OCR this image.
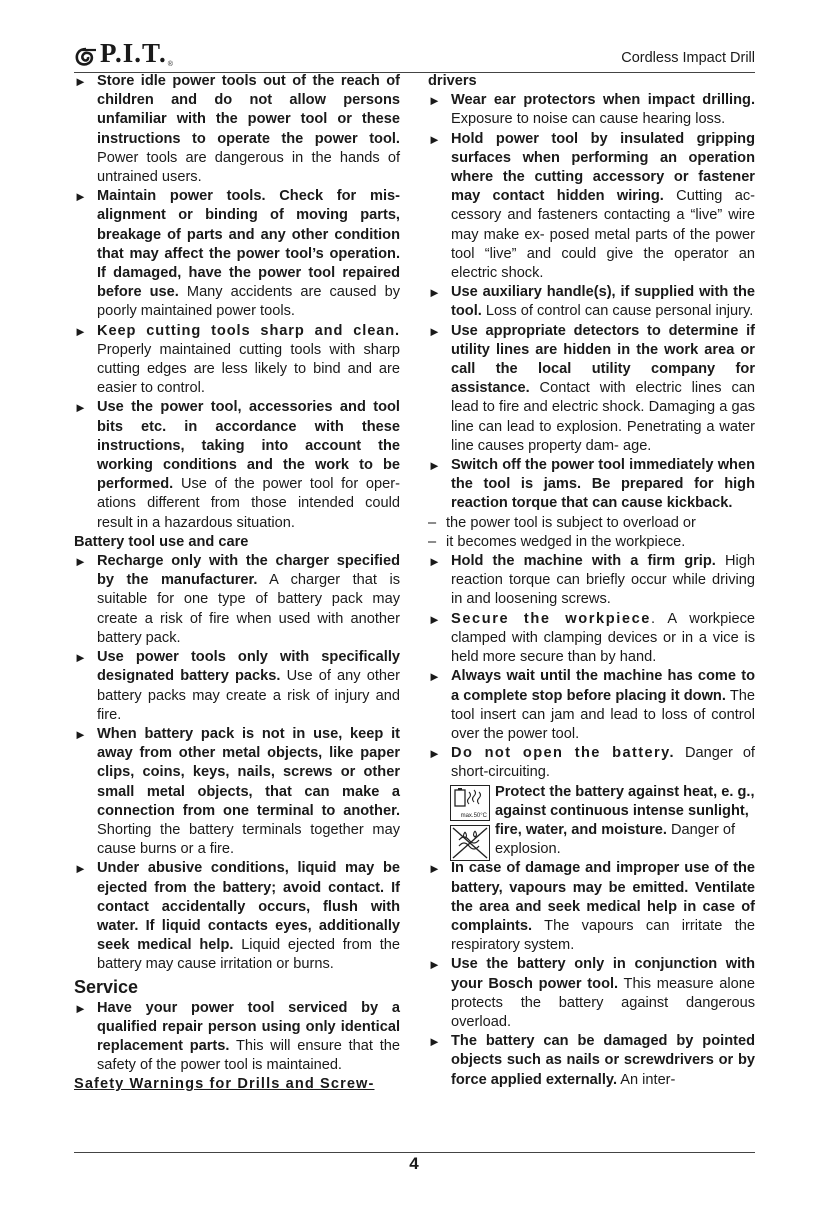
P.I.T. ®	Cordless Impact Drill

► Store idle power tools out of the reach of children and do not allow persons unfamiliar with the power tool or these instructions to operate the power tool. Power tools are dangerous in the hands of untrained users.

► Maintain power tools. Check for misalignment or binding of moving parts, breakage of parts and any other condition that may affect the power tool’s operation. If damaged, have the power tool repaired before use. Many accidents are caused by poorly maintained power tools.

► Keep cutting tools sharp and clean. Properly maintained cutting tools with sharp cutting edges are less likely to bind and are easier to control.

► Use the power tool, accessories and tool bits etc. in accordance with these instructions, taking into account the working conditions and the work to be performed. Use of the power tool for operations different from those intended could result in a hazardous situation.

Battery tool use and care

► Recharge only with the charger specified by the manufacturer. A charger that is suitable for one type of battery pack may create a risk of fire when used with another battery pack.

► Use power tools only with specifically designated battery packs. Use of any other battery packs may create a risk of injury and fire.

► When battery pack is not in use, keep it away from other metal objects, like paper clips, coins, keys, nails, screws or other small metal objects, that can make a connection from one terminal to another. Shorting the battery terminals together may cause burns or a fire.

► Under abusive conditions, liquid may be ejected from the battery; avoid contact. If contact accidentally occurs, flush with water. If liquid contacts eyes, additionally seek medical help. Liquid ejected from the battery may cause irritation or burns.

Service

► Have your power tool serviced by a qualified repair person using only identical replacement parts. This will ensure that the safety of the power tool is maintained.

Safety Warnings for Drills and Screw-

drivers

► Wear ear protectors when impact drilling. Exposure to noise can cause hearing loss.

► Hold power tool by insulated gripping surfaces when performing an operation where the cutting accessory or fastener may contact hidden wiring. Cutting accessory and fasteners contacting a “live” wire may make ex- posed metal parts of the power tool “live” and could give the operator an electric shock.

► Use auxiliary handle(s), if supplied with the tool. Loss of control can cause personal injury.

► Use appropriate detectors to determine if utility lines are hidden in the work area or call the local utility company for assistance. Contact with electric lines can lead to fire and electric shock. Damaging a gas line can lead to explosion. Penetrating a water line causes property dam- age.

► Switch off the power tool immediately when the tool is jams. Be prepared for high reaction torque that can cause kickback.

– the power tool is subject to overload or

– it becomes wedged in the workpiece.

► Hold the machine with a firm grip. High reaction torque can briefly occur while driving in and loosening screws.

► Secure the workpiece. A workpiece clamped with clamping devices or in a vice is held more secure than by hand.

► Always wait until the machine has come to a complete stop before placing it down. The tool insert can jam and lead to loss of control over the power tool.

► Do not open the battery. Danger of short-circuiting.

max.50°C
Protect the battery against heat, e. g., against continuous intense sunlight, fire, water, and moisture. Danger of explosion.

► In case of damage and improper use of the battery, vapours may be emitted. Ventilate the area and seek medical help in case of complaints. The vapours can irritate the respiratory system.

► Use the battery only in conjunction with your Bosch power tool. This measure alone protects the battery against dangerous overload.

► The battery can be damaged by pointed objects such as nails or screwdrivers or by force applied externally. An inter-

4
